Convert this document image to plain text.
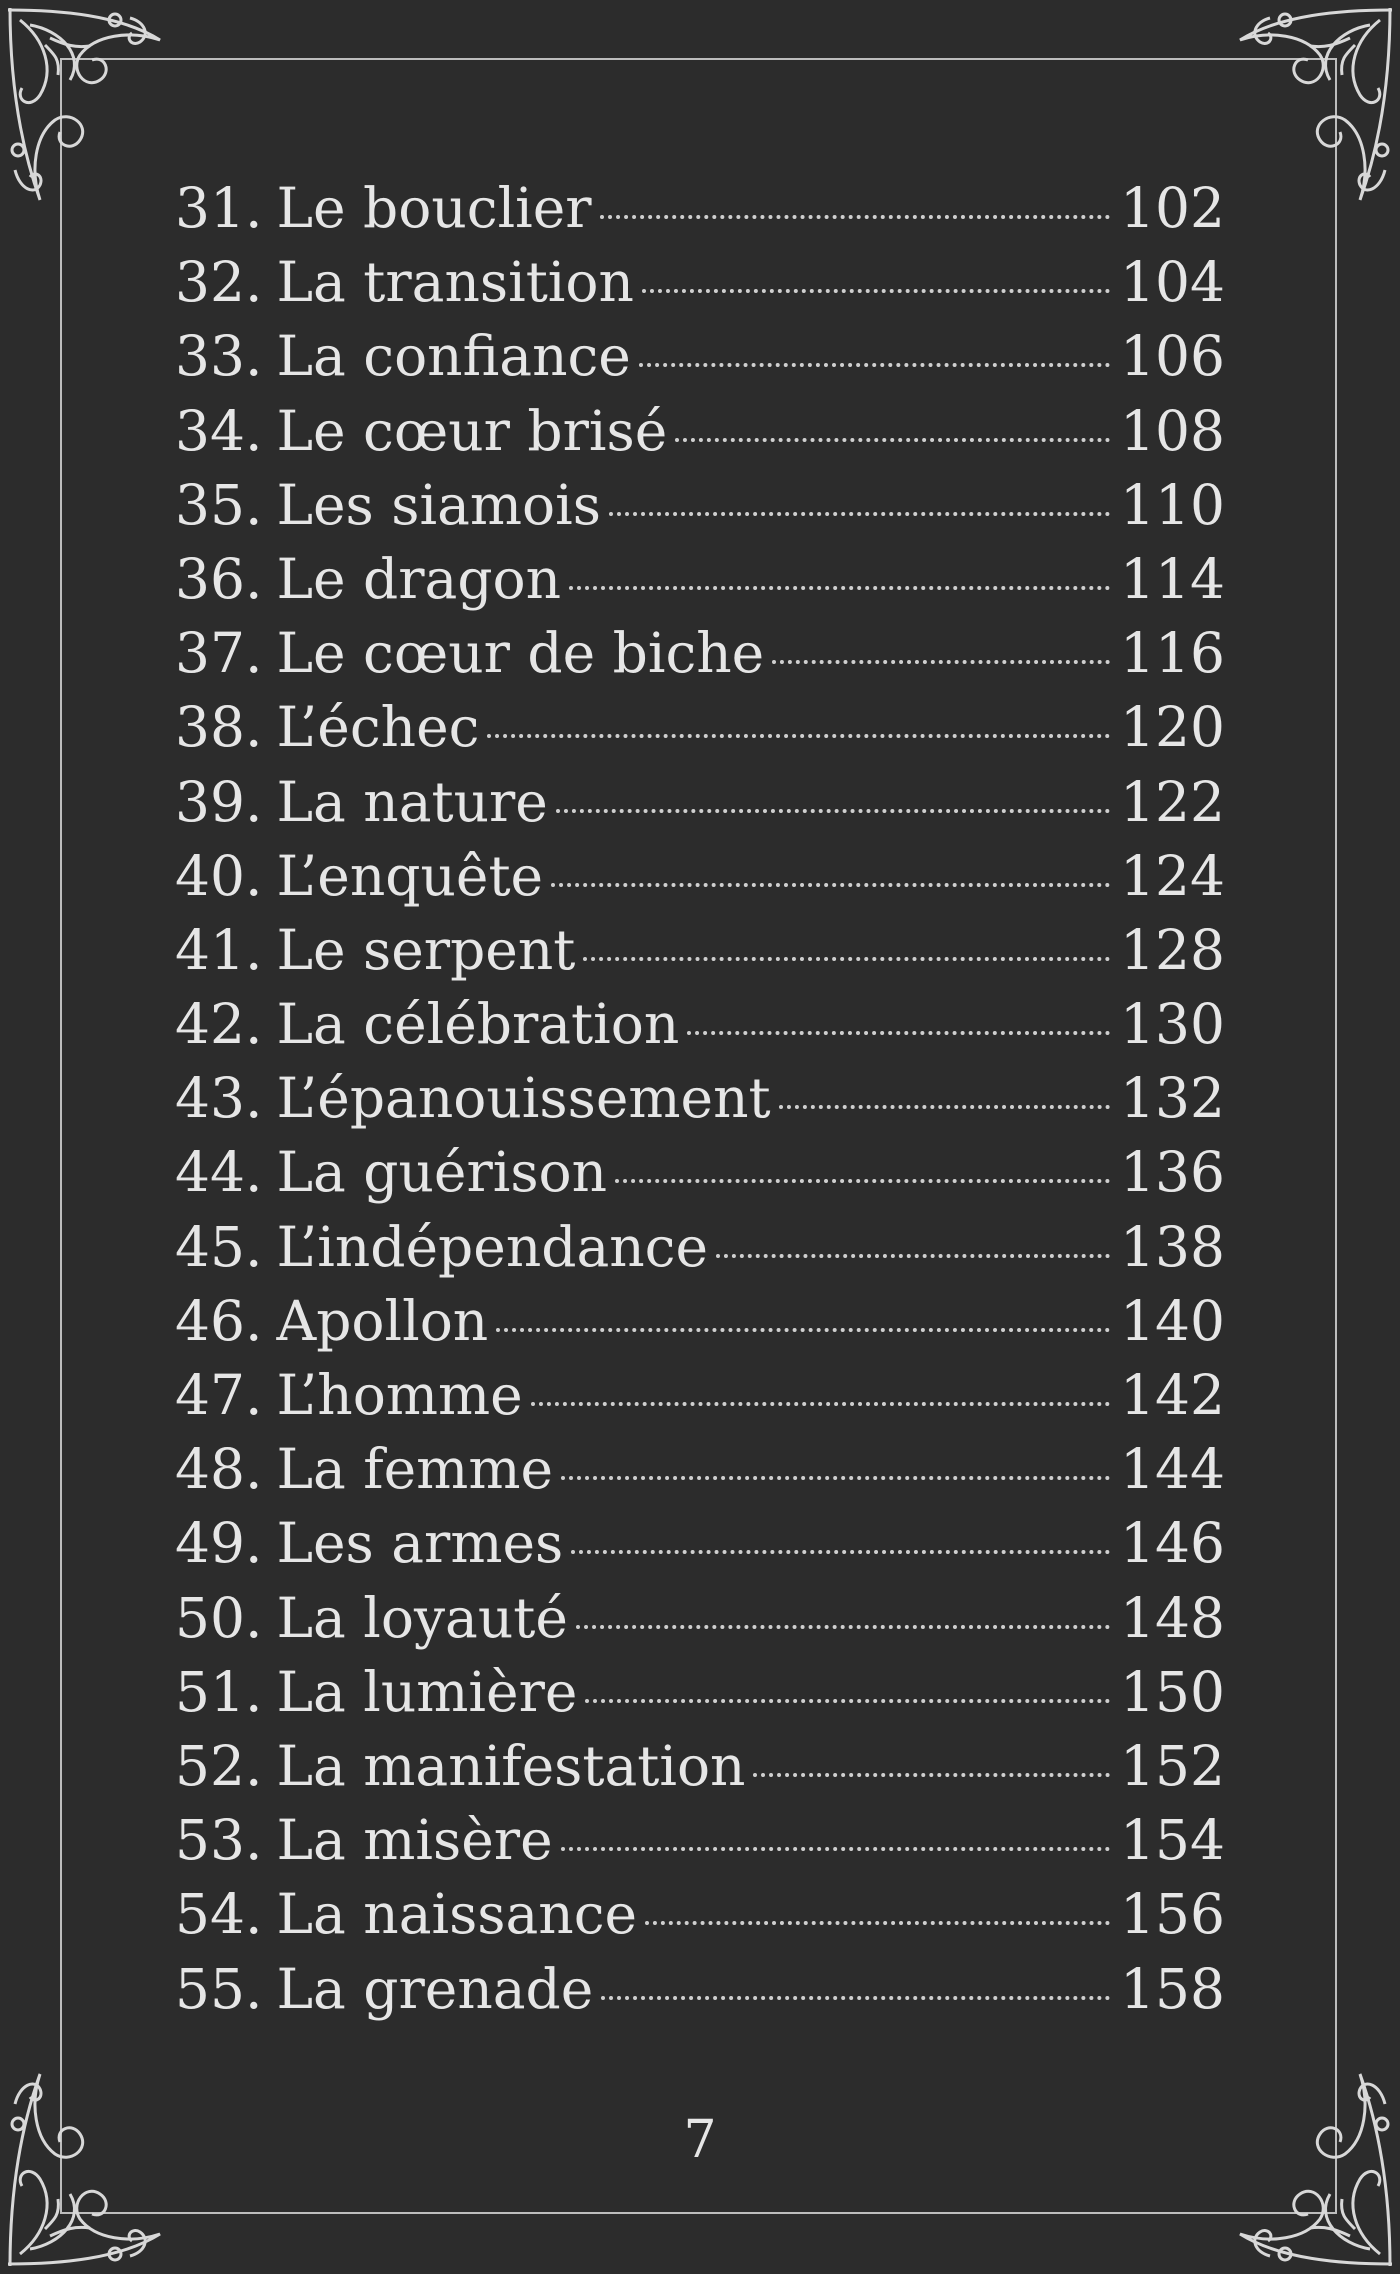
31. Le bouclier	102
32. La transition	104
33. La confiance	106
34. Le cœur brisé	108
35. Les siamois	110
36. Le dragon	114
37. Le cœur de biche	116
38. L’échec	120
39. La nature	122
40. L’enquête	124
41. Le serpent	128
42. La célébration	130
43. L’épanouissement	132
44. La guérison	136
45. L’indépendance	138
46. Apollon	140
47. L’homme	142
48. La femme	144
49. Les armes	146
50. La loyauté	148
51. La lumière	150
52. La manifestation	152
53. La misère	154
54. La naissance	156
55. La grenade	158
7
